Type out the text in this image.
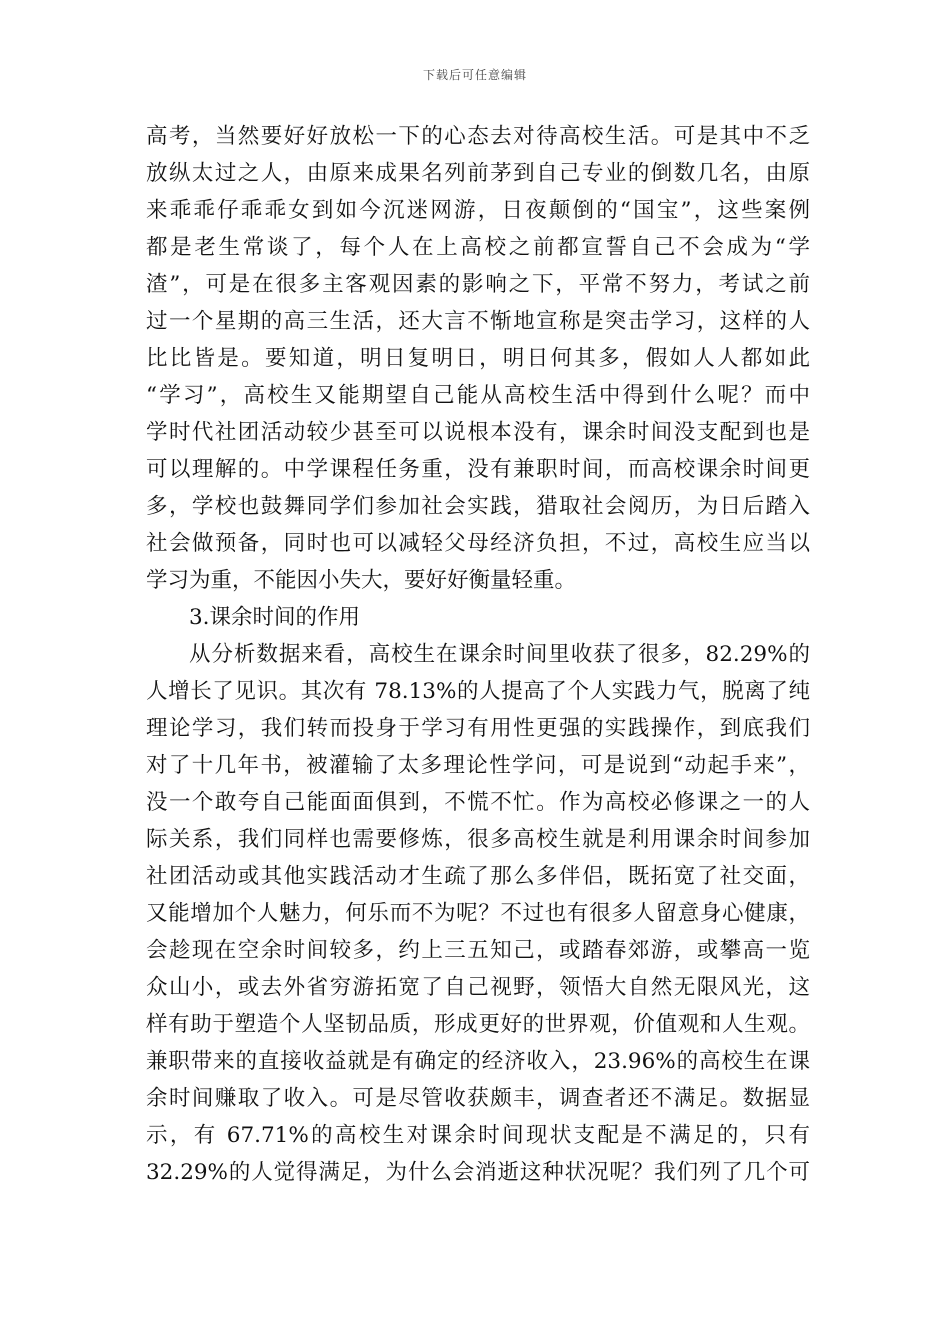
下载后可任意编辑
高考，当然要好好放松一下的心态去对待高校生活。可是其中不乏
放纵太过之人，由原来成果名列前茅到自己专业的倒数几名，由原
来乖乖仔乖乖女到如今沉迷网游，日夜颠倒的“国宝”，这些案例
都是老生常谈了，每个人在上高校之前都宣誓自己不会成为“学
渣”，可是在很多主客观因素的影响之下，平常不努力，考试之前
过一个星期的高三生活，还大言不惭地宣称是突击学习，这样的人
比比皆是。要知道，明日复明日，明日何其多，假如人人都如此
“学习”，高校生又能期望自己能从高校生活中得到什么呢？而中
学时代社团活动较少甚至可以说根本没有，课余时间没支配到也是
可以理解的。中学课程任务重，没有兼职时间，而高校课余时间更
多，学校也鼓舞同学们参加社会实践，猎取社会阅历，为日后踏入
社会做预备，同时也可以减轻父母经济负担，不过，高校生应当以
学习为重，不能因小失大，要好好衡量轻重。
3.课余时间的作用
从分析数据来看，高校生在课余时间里收获了很多，82.29%的
人增长了见识。其次有 78.13%的人提高了个人实践力气，脱离了纯
理论学习，我们转而投身于学习有用性更强的实践操作，到底我们
对了十几年书，被灌输了太多理论性学问，可是说到“动起手来”，
没一个敢夸自己能面面俱到，不慌不忙。作为高校必修课之一的人
际关系，我们同样也需要修炼，很多高校生就是利用课余时间参加
社团活动或其他实践活动才生疏了那么多伴侣，既拓宽了社交面，
又能增加个人魅力，何乐而不为呢？不过也有很多人留意身心健康，
会趁现在空余时间较多，约上三五知己，或踏春郊游，或攀高一览
众山小，或去外省穷游拓宽了自己视野，领悟大自然无限风光，这
样有助于塑造个人坚韧品质，形成更好的世界观，价值观和人生观。
兼职带来的直接收益就是有确定的经济收入，23.96%的高校生在课
余时间赚取了收入。可是尽管收获颇丰，调查者还不满足。数据显
示，有 67.71%的高校生对课余时间现状支配是不满足的，只有
32.29%的人觉得满足，为什么会消逝这种状况呢？我们列了几个可
